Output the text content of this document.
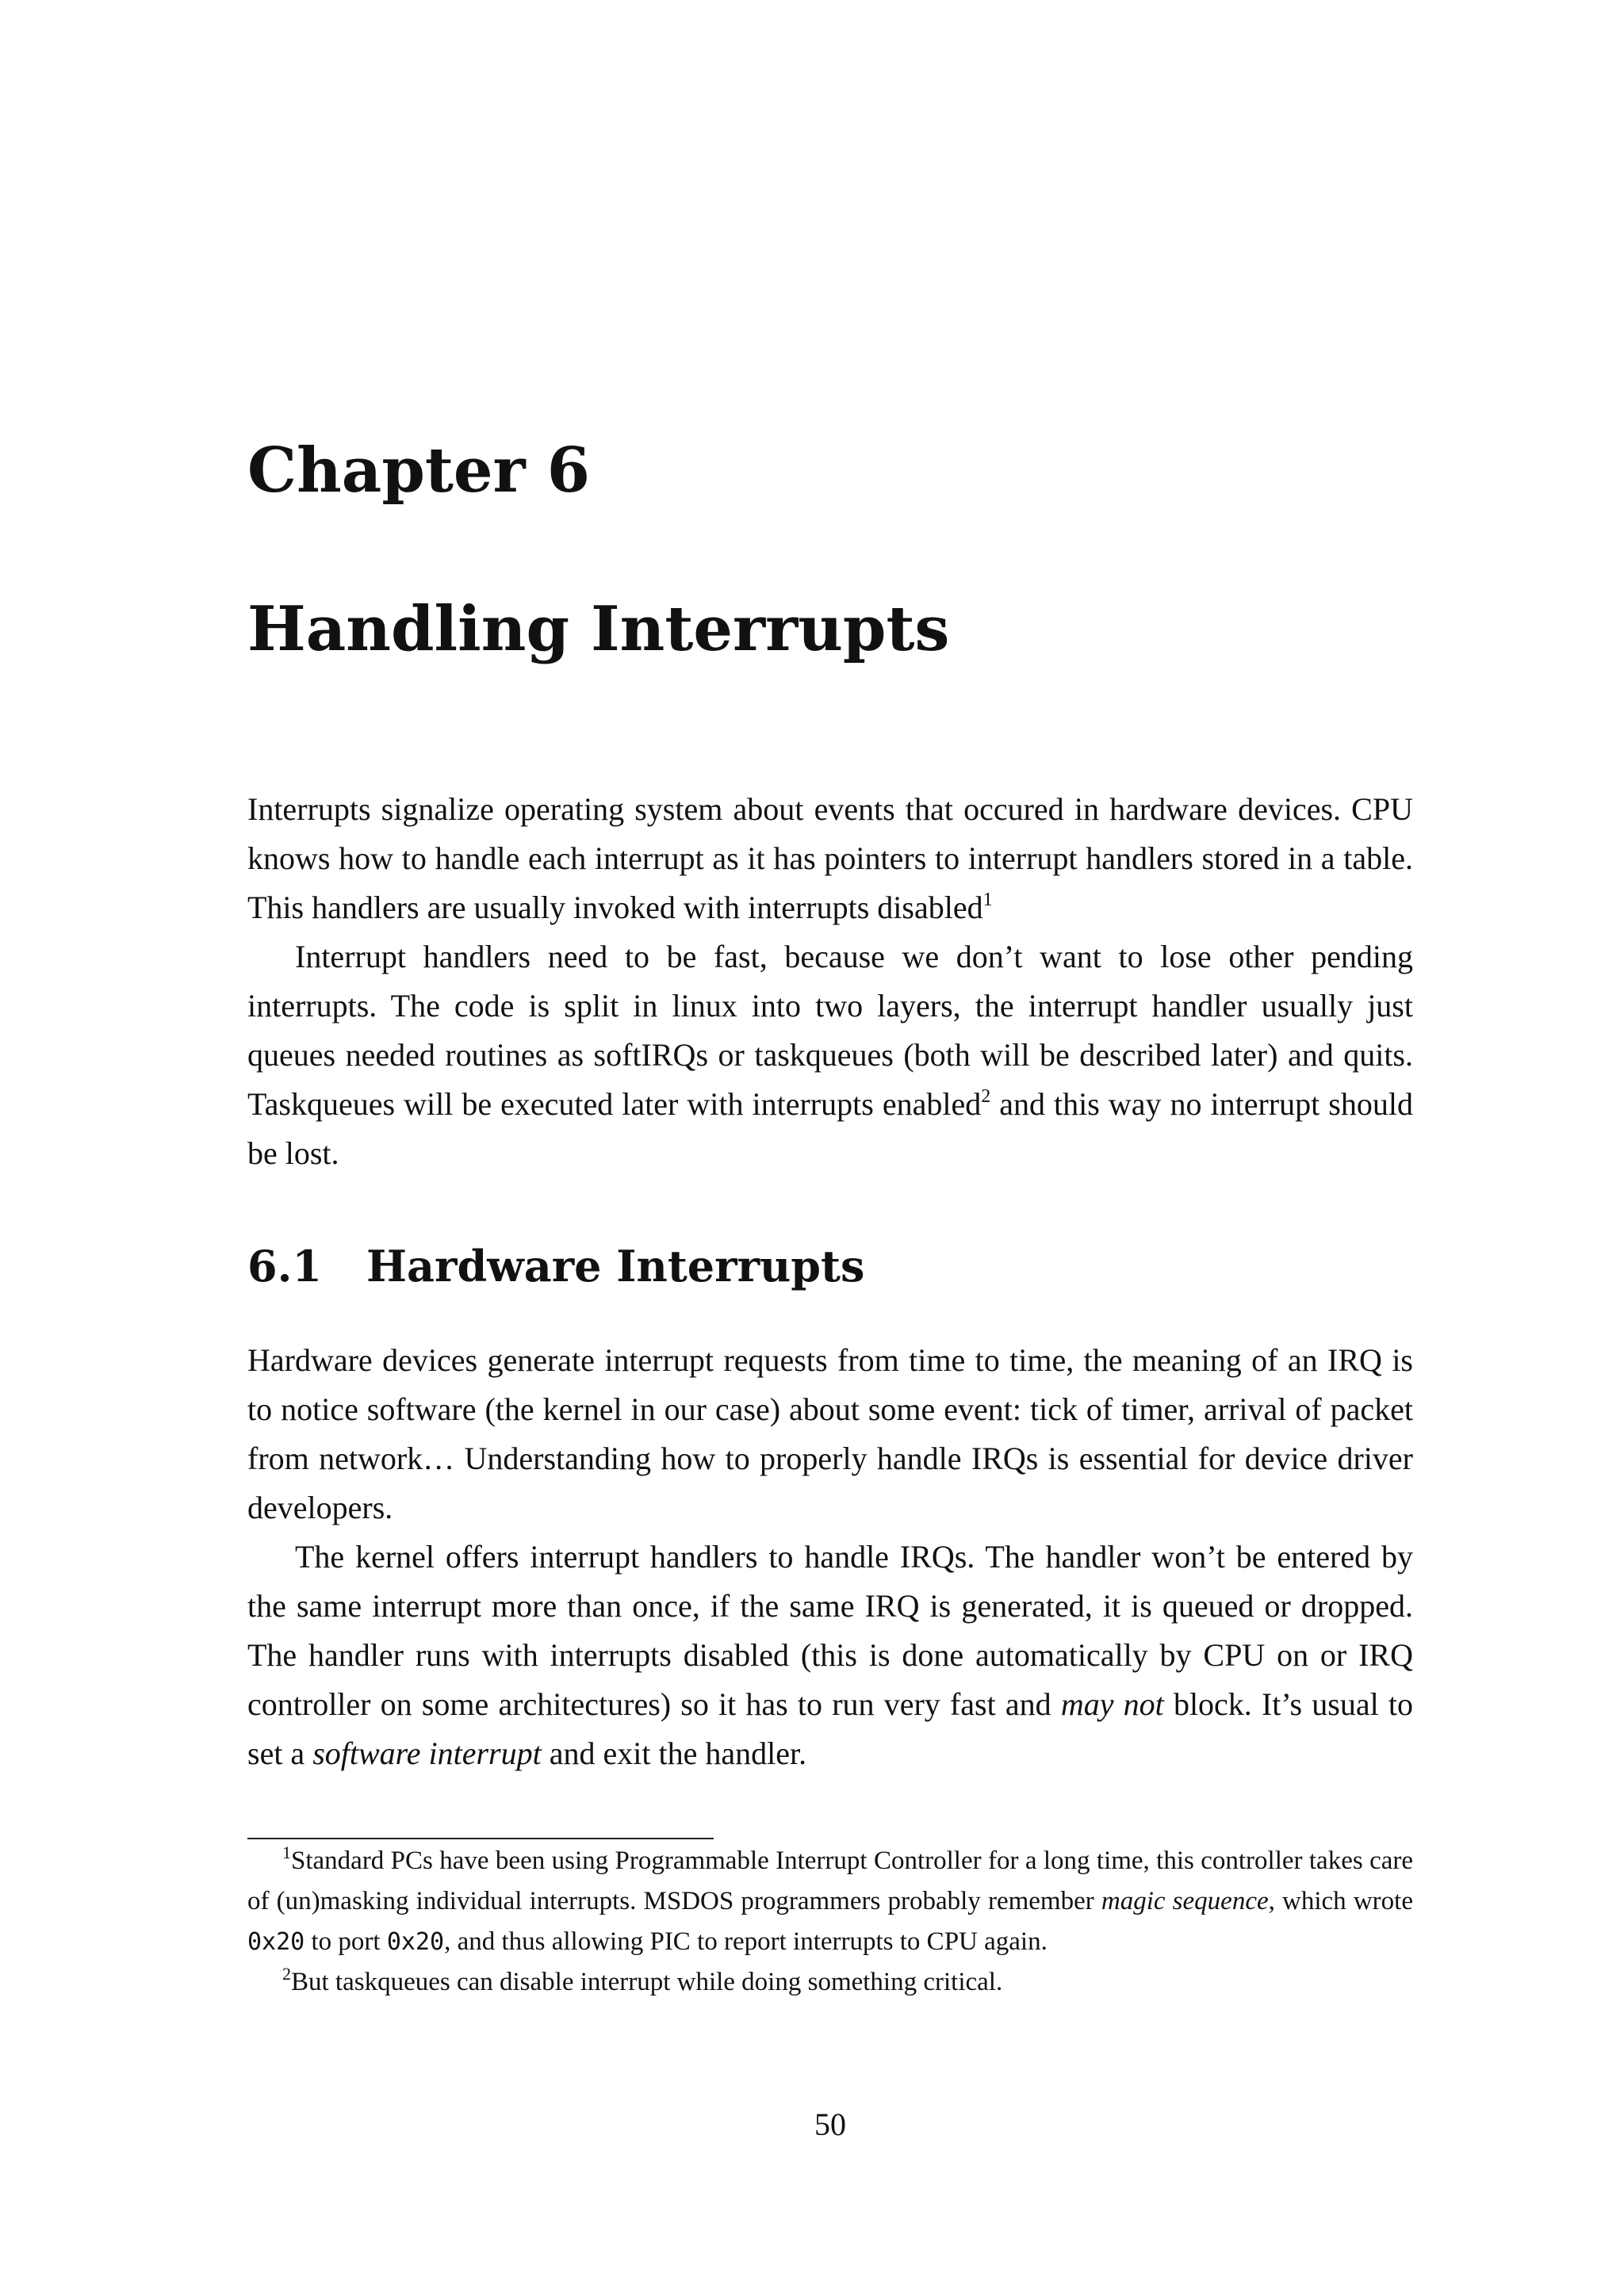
Chapter 6
Handling Interrupts

Interrupts signalize operating system about events that occured in hardware devices. CPU knows how to handle each interrupt as it has pointers to interrupt handlers stored in a table. This handlers are usually invoked with interrupts disabled$^1$

Interrupt handlers need to be fast, because we don’t want to lose other pending interrupts. The code is split in linux into two layers, the interrupt handler usually just queues needed routines as softIRQs or taskqueues (both will be described later) and quits. Taskqueues will be executed later with interrupts enabled$^2$ and this way no interrupt should be lost.

6.1 Hardware Interrupts

Hardware devices generate interrupt requests from time to time, the meaning of an IRQ is to notice software (the kernel in our case) about some event: tick of timer, arrival of packet from network… Understanding how to properly handle IRQs is essential for device driver developers.

The kernel offers interrupt handlers to handle IRQs. The handler won’t be entered by the same interrupt more than once, if the same IRQ is generated, it is queued or dropped. The handler runs with interrupts disabled (this is done automatically by CPU on or IRQ controller on some architectures) so it has to run very fast and may not block. It’s usual to set a software interrupt and exit the handler.

$^1$Standard PCs have been using Programmable Interrupt Controller for a long time, this controller takes care of (un)masking individual interrupts. MSDOS programmers probably remember magic sequence, which wrote 0x20 to port 0x20, and thus allowing PIC to report interrupts to CPU again.

$^2$But taskqueues can disable interrupt while doing something critical.

50
